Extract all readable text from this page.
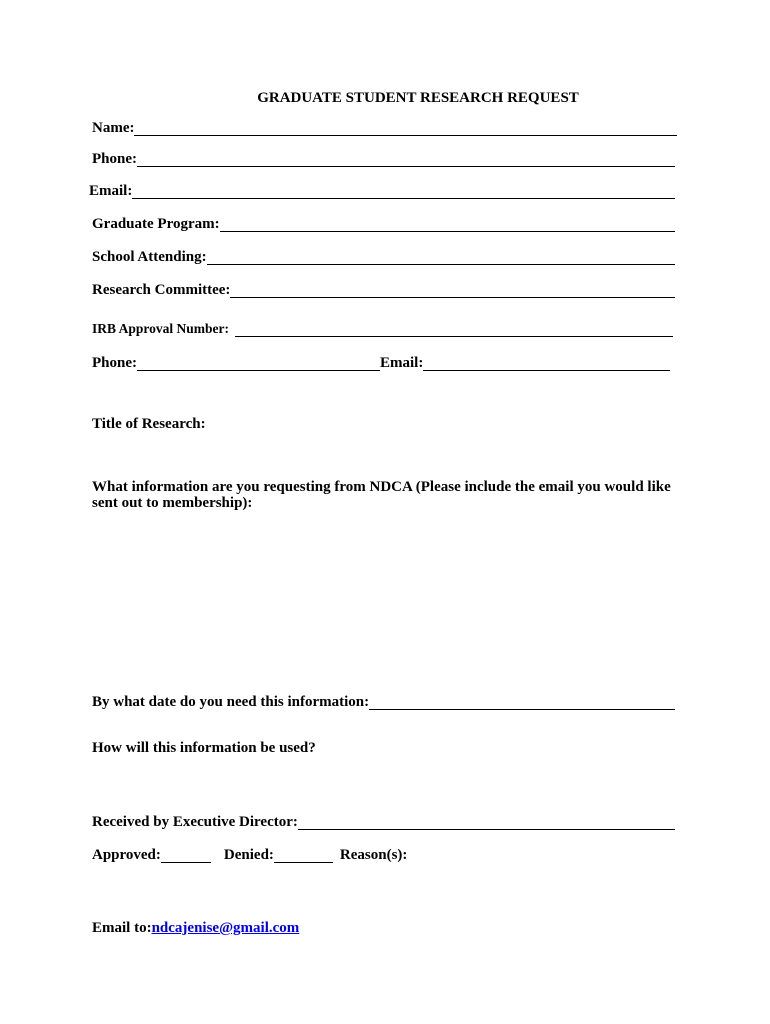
GRADUATE STUDENT RESEARCH REQUEST
Name:
Phone:
Email:
Graduate Program:
School Attending:
Research Committee:
IRB Approval Number:
Phone:	Email:
Title of Research:

What information are you requesting from NDCA (Please include the email you would like sent out to membership):

By what date do you need this information:
How will this information be used?
Received by Executive Director:
Approved:	Denied:	Reason(s):
Email to: ndcajenise@gmail.com
